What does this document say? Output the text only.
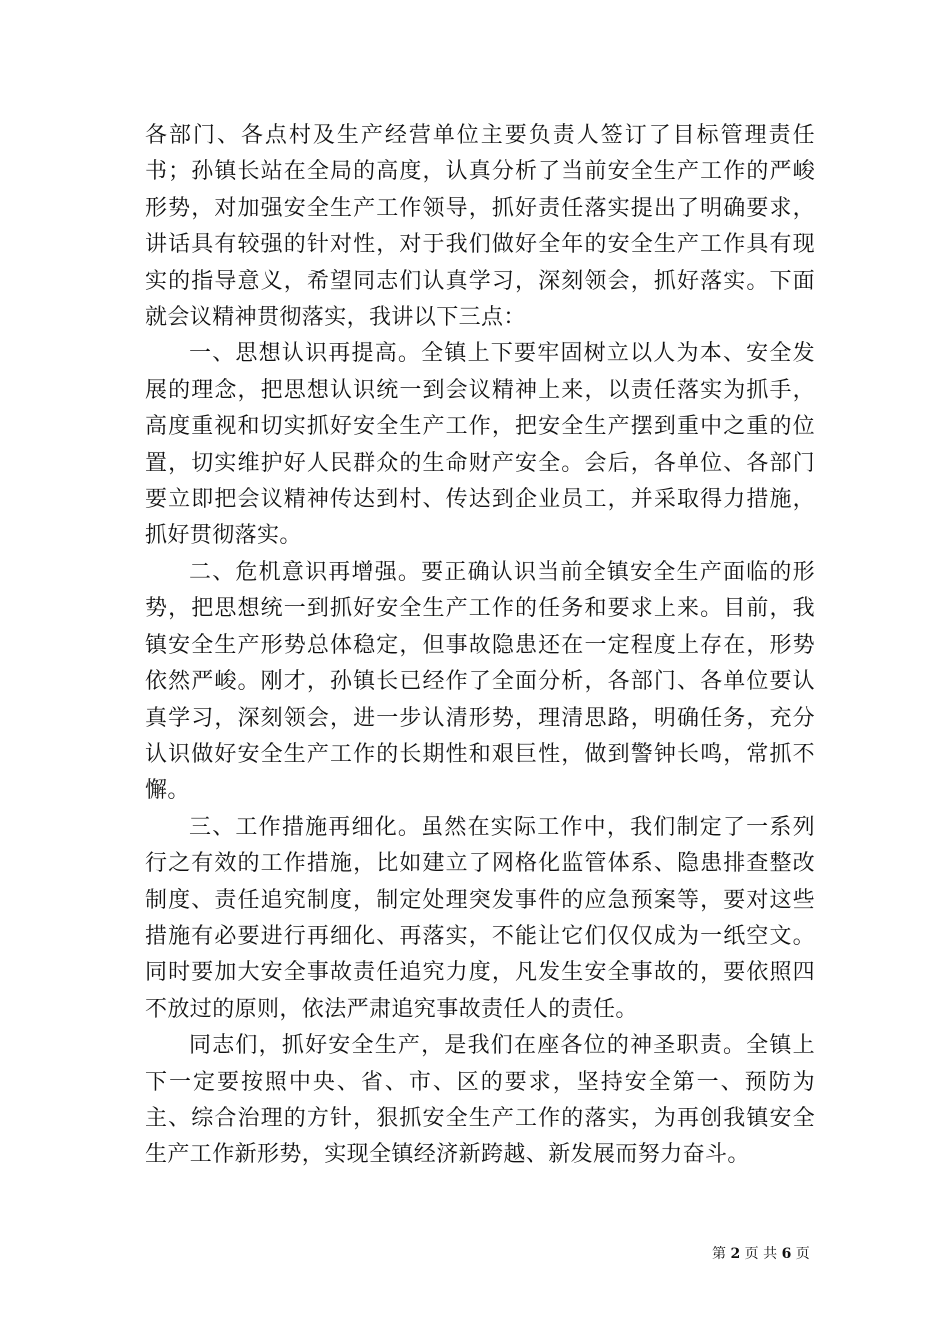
各部门、各点村及生产经营单位主要负责人签订了目标管理责任书；孙镇长站在全局的高度，认真分析了当前安全生产工作的严峻形势，对加强安全生产工作领导，抓好责任落实提出了明确要求，讲话具有较强的针对性，对于我们做好全年的安全生产工作具有现实的指导意义，希望同志们认真学习，深刻领会，抓好落实。下面就会议精神贯彻落实，我讲以下三点：

一、思想认识再提高。全镇上下要牢固树立以人为本、安全发展的理念，把思想认识统一到会议精神上来，以责任落实为抓手，高度重视和切实抓好安全生产工作，把安全生产摆到重中之重的位置，切实维护好人民群众的生命财产安全。会后，各单位、各部门要立即把会议精神传达到村、传达到企业员工，并采取得力措施，抓好贯彻落实。

二、危机意识再增强。要正确认识当前全镇安全生产面临的形势，把思想统一到抓好安全生产工作的任务和要求上来。目前，我镇安全生产形势总体稳定，但事故隐患还在一定程度上存在，形势依然严峻。刚才，孙镇长已经作了全面分析，各部门、各单位要认真学习，深刻领会，进一步认清形势，理清思路，明确任务，充分认识做好安全生产工作的长期性和艰巨性，做到警钟长鸣，常抓不懈。

三、工作措施再细化。虽然在实际工作中，我们制定了一系列行之有效的工作措施，比如建立了网格化监管体系、隐患排查整改制度、责任追究制度，制定处理突发事件的应急预案等，要对这些措施有必要进行再细化、再落实，不能让它们仅仅成为一纸空文。同时要加大安全事故责任追究力度，凡发生安全事故的，要依照四不放过的原则，依法严肃追究事故责任人的责任。

同志们，抓好安全生产，是我们在座各位的神圣职责。全镇上下一定要按照中央、省、市、区的要求，坚持安全第一、预防为主、综合治理的方针，狠抓安全生产工作的落实，为再创我镇安全生产工作新形势，实现全镇经济新跨越、新发展而努力奋斗。

第 2 页 共 6 页
